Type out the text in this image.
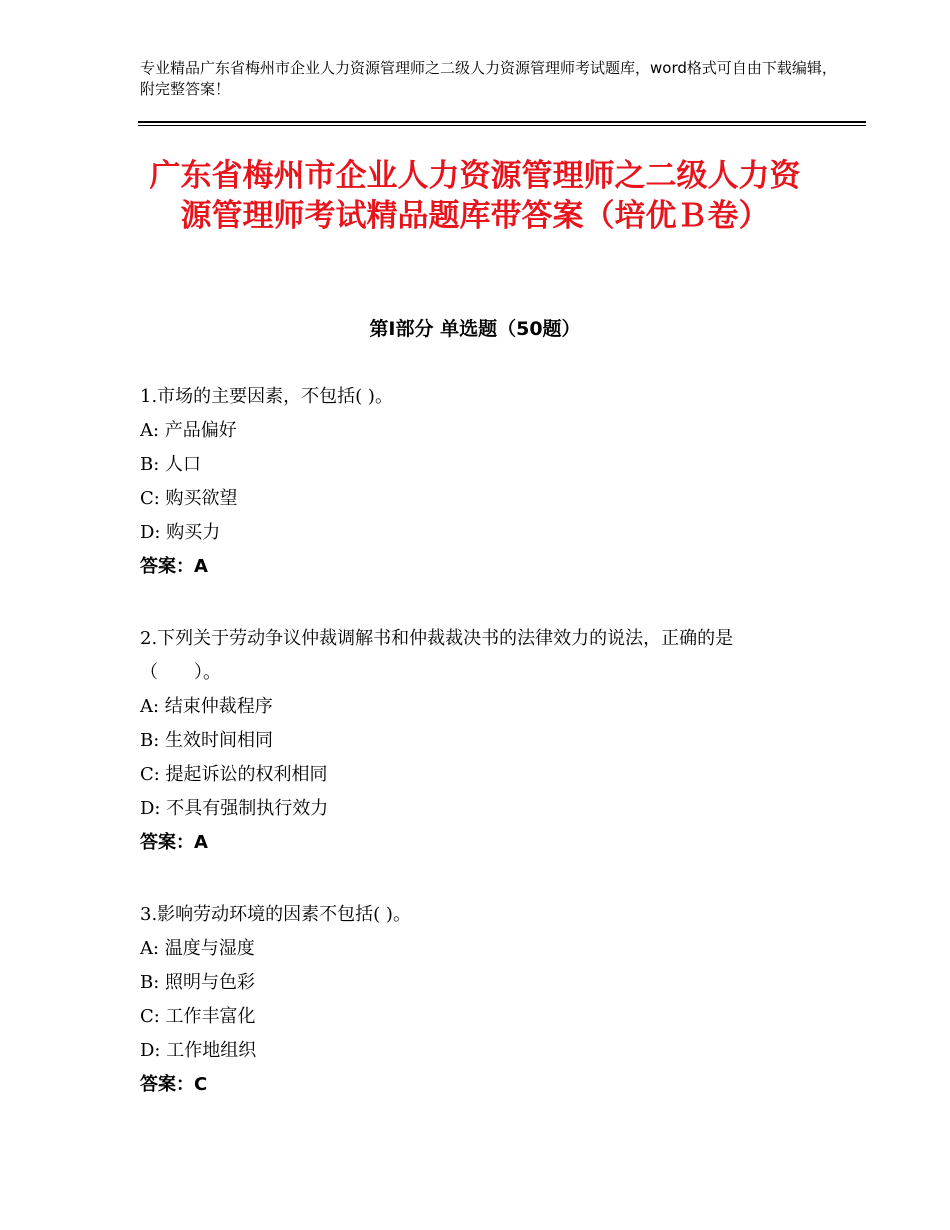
专业精品广东省梅州市企业人力资源管理师之二级人力资源管理师考试题库，word格式可自由下载编辑，附完整答案！
广东省梅州市企业人力资源管理师之二级人力资源管理师考试精品题库带答案（培优Ｂ卷）
第Ⅰ部分 单选题（50题）
1.市场的主要因素，不包括( )。
A: 产品偏好
B: 人口
C: 购买欲望
D: 购买力
答案：A
2.下列关于劳动争议仲裁调解书和仲裁裁决书的法律效力的说法，正确的是（　　）。
A: 结束仲裁程序
B: 生效时间相同
C: 提起诉讼的权利相同
D: 不具有强制执行效力
答案：A
3.影响劳动环境的因素不包括( )。
A: 温度与湿度
B: 照明与色彩
C: 工作丰富化
D: 工作地组织
答案：C
